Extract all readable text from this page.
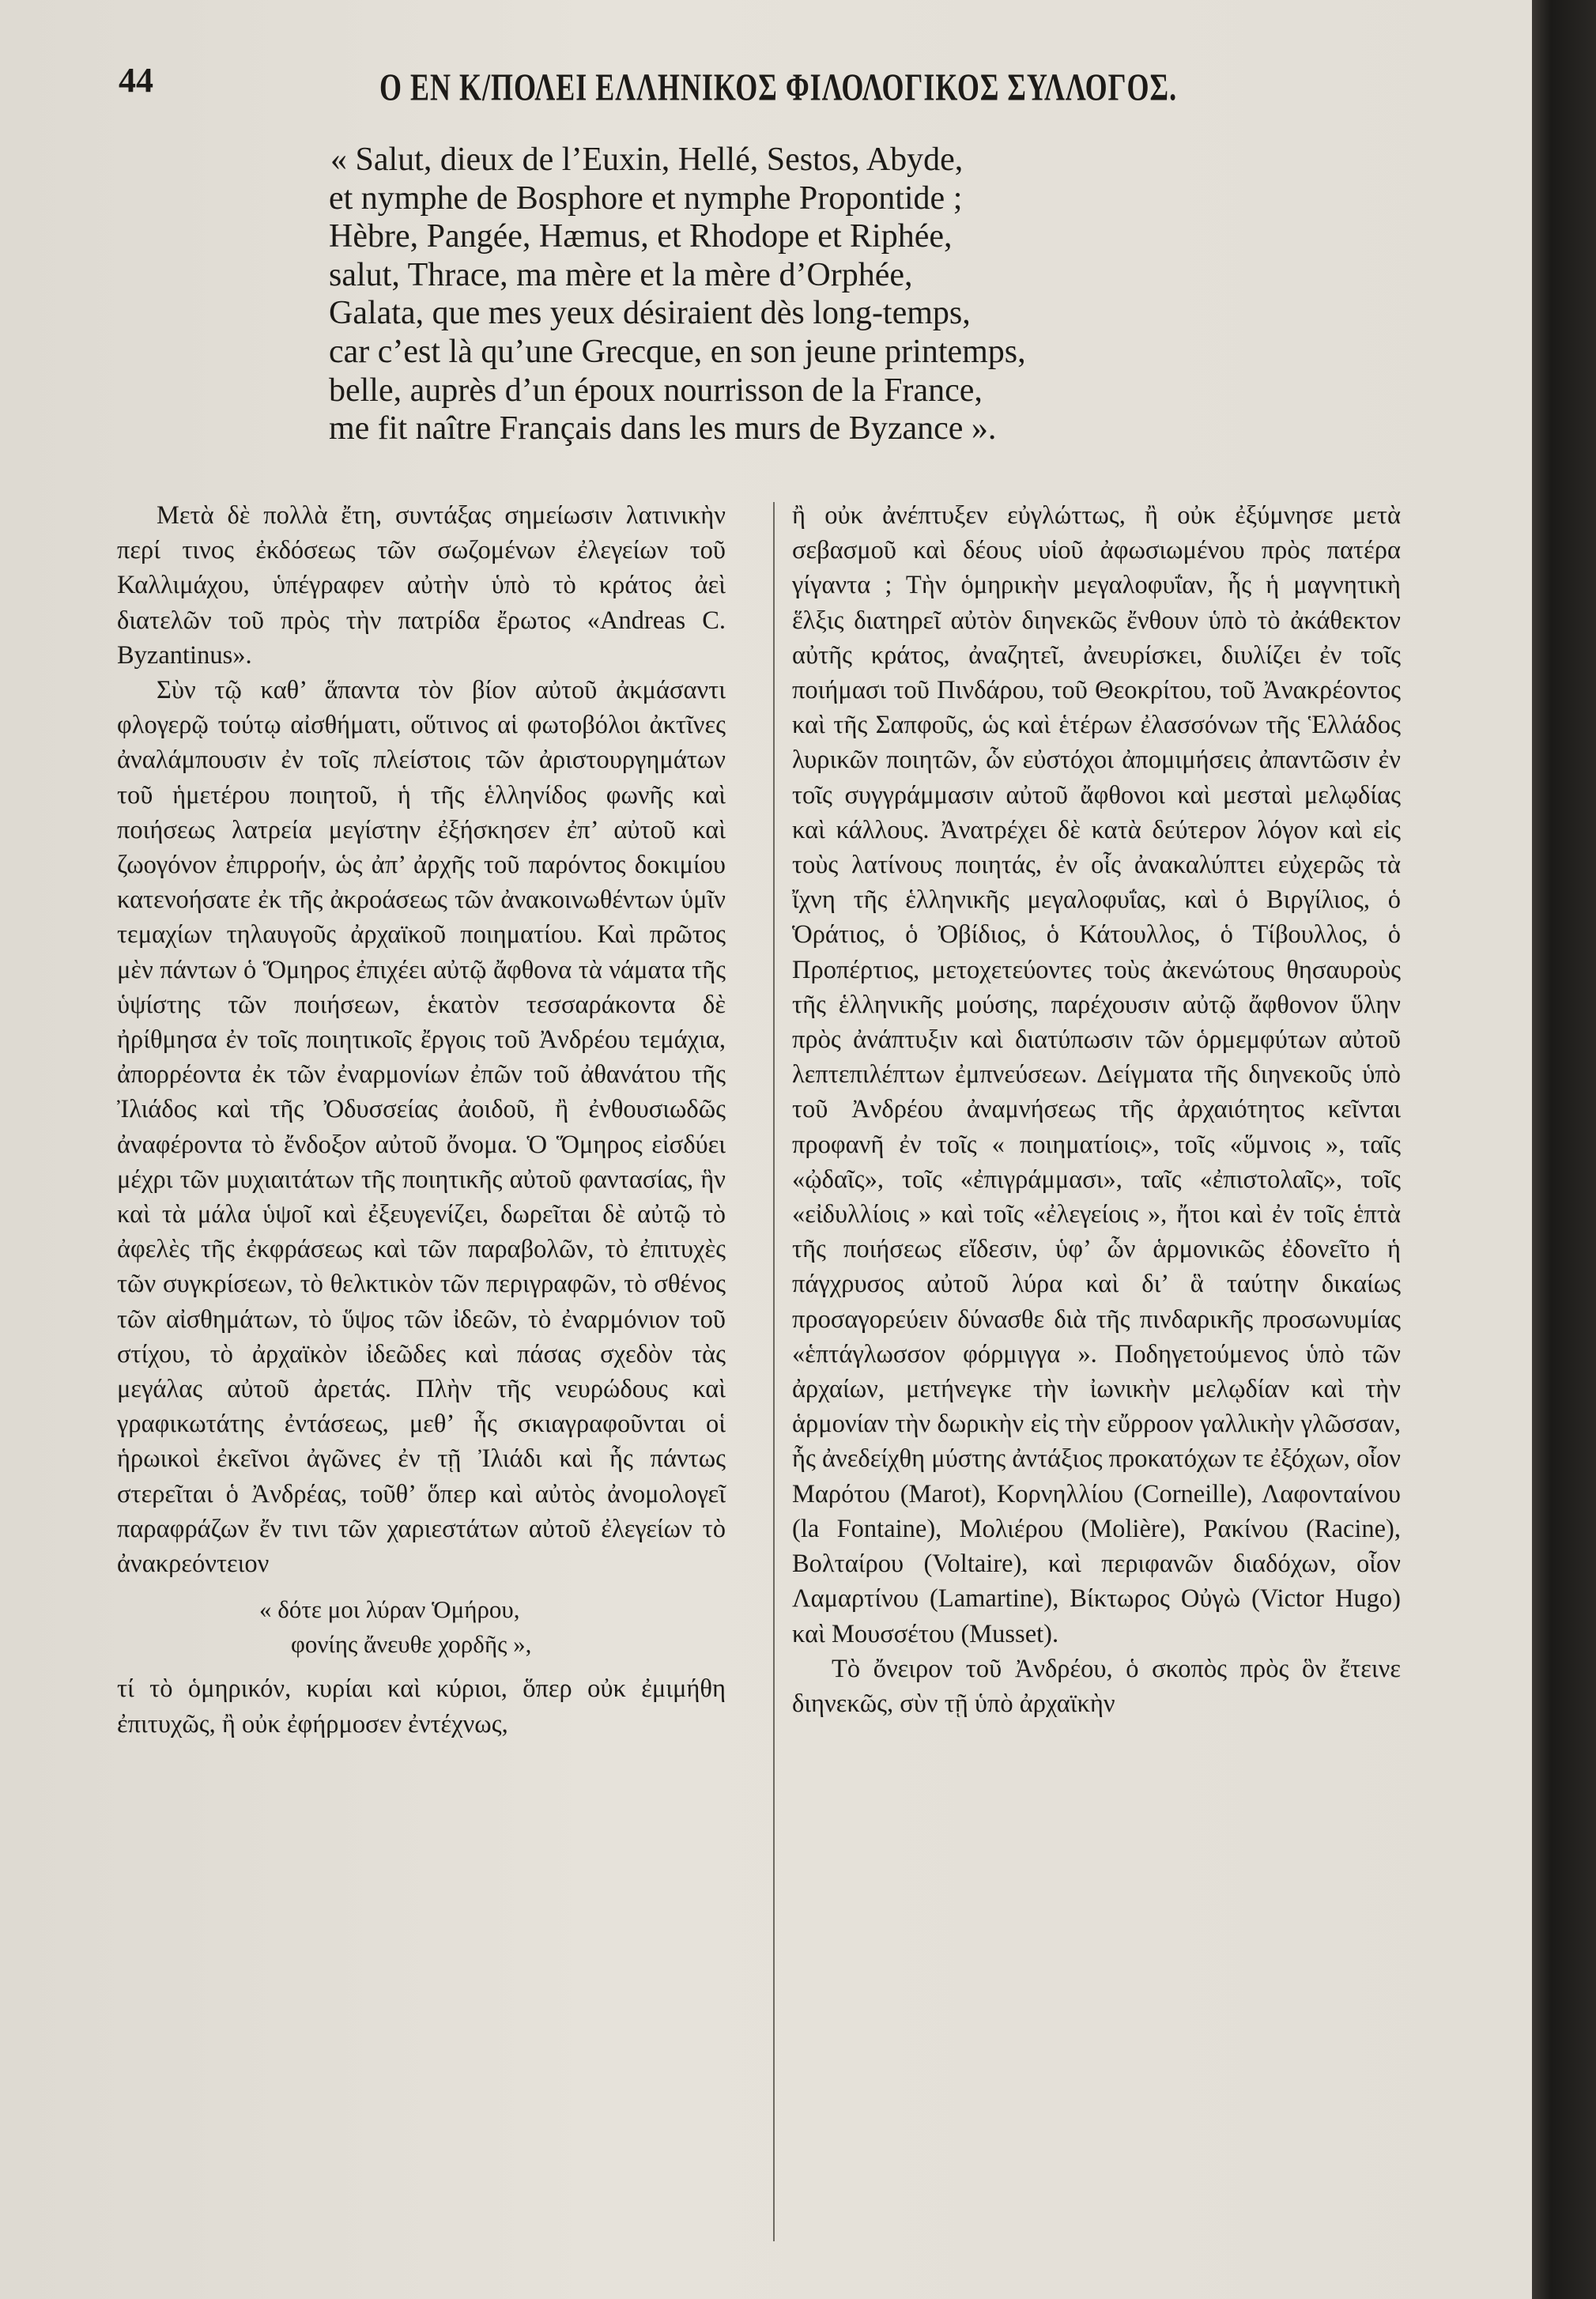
44	Ο ΕΝ Κ/ΠΟΛΕΙ ΕΛΛΗΝΙΚΟΣ ΦΙΛΟΛΟΓΙΚΟΣ ΣΥΛΛΟΓΟΣ.
« Salut, dieux de l’Euxin, Hellé, Sestos, Abyde,
et nymphe de Bosphore et nymphe Propontide ;
Hèbre, Pangée, Hæmus, et Rhodope et Riphée,
salut, Thrace, ma mère et la mère d’Orphée,
Galata, que mes yeux désiraient dès long-temps,
car c’est là qu’une Grecque, en son jeune printemps,
belle, auprès d’un époux nourrisson de la France,
me fit naître Français dans les murs de Byzance ».

Μετὰ δὲ πολλὰ ἔτη, συντάξας σημείωσιν λατινικὴν περί τινος ἐκδόσεως τῶν σωζομένων ἐλεγείων τοῦ Καλλιμάχου, ὑπέγραφεν αὐτὴν ὑπὸ τὸ κράτος ἀεὶ διατελῶν τοῦ πρὸς τὴν πατρίδα ἔρωτος «Andreas C. Byzantinus».

Σὺν τῷ καθ’ ἅπαντα τὸν βίον αὐτοῦ ἀκμάσαντι φλογερῷ τούτῳ αἰσθήματι, οὕτινος αἱ φωτοβόλοι ἀκτῖνες ἀναλάμπουσιν ἐν τοῖς πλείστοις τῶν ἀριστουργημάτων τοῦ ἡμετέρου ποιητοῦ, ἡ τῆς ἑλληνίδος φωνῆς καὶ ποιήσεως λατρεία μεγίστην ἐξήσκησεν ἐπ’ αὐτοῦ καὶ ζωογόνον ἐπιρροήν, ὡς ἀπ’ ἀρχῆς τοῦ παρόντος δοκιμίου κατενοήσατε ἐκ τῆς ἀκροάσεως τῶν ἀνακοινωθέντων ὑμῖν τεμαχίων τηλαυγοῦς ἀρχαϊκοῦ ποιηματίου. Καὶ πρῶτος μὲν πάντων ὁ Ὅμηρος ἐπιχέει αὐτῷ ἄφθονα τὰ νάματα τῆς ὑψίστης τῶν ποιήσεων, ἑκατὸν τεσσαράκοντα δὲ ἠρίθμησα ἐν τοῖς ποιητικοῖς ἔργοις τοῦ Ἀνδρέου τεμάχια, ἀπορρέοντα ἐκ τῶν ἐναρμονίων ἐπῶν τοῦ ἀθανάτου τῆς Ἰλιάδος καὶ τῆς Ὀδυσσείας ἀοιδοῦ, ἢ ἐνθουσιωδῶς ἀναφέροντα τὸ ἔνδοξον αὐτοῦ ὄνομα. Ὁ Ὅμηρος εἰσδύει μέχρι τῶν μυχιαιτάτων τῆς ποιητικῆς αὐτοῦ φαντασίας, ἣν καὶ τὰ μάλα ὑψοῖ καὶ ἐξευγενίζει, δωρεῖται δὲ αὐτῷ τὸ ἀφελὲς τῆς ἐκφράσεως καὶ τῶν παραβολῶν, τὸ ἐπιτυχὲς τῶν συγκρίσεων, τὸ θελκτικὸν τῶν περιγραφῶν, τὸ σθένος τῶν αἰσθημάτων, τὸ ὕψος τῶν ἰδεῶν, τὸ ἐναρμόνιον τοῦ στίχου, τὸ ἀρχαϊκὸν ἰδεῶδες καὶ πάσας σχεδὸν τὰς μεγάλας αὐτοῦ ἀρετάς. Πλὴν τῆς νευρώδους καὶ γραφικωτάτης ἐντάσεως, μεθ’ ἧς σκιαγραφοῦνται οἱ ἡρωικοὶ ἐκεῖνοι ἀγῶνες ἐν τῇ Ἰλιάδι καὶ ἧς πάντως στερεῖται ὁ Ἀνδρέας, τοῦθ’ ὅπερ καὶ αὐτὸς ἀνομολογεῖ παραφράζων ἔν τινι τῶν χαριεστάτων αὐτοῦ ἐλεγείων τὸ ἀνακρεόντειον

« δότε μοι λύραν Ὁμήρου,
φονίης ἄνευθε χορδῆς »,

τί τὸ ὁμηρικόν, κυρίαι καὶ κύριοι, ὅπερ οὐκ ἐμιμήθη ἐπιτυχῶς, ἢ οὐκ ἐφήρμοσεν ἐντέχνως,

ἢ οὐκ ἀνέπτυξεν εὐγλώττως, ἢ οὐκ ἐξύμνησε μετὰ σεβασμοῦ καὶ δέους υἱοῦ ἀφωσιωμένου πρὸς πατέρα γίγαντα ; Τὴν ὁμηρικὴν μεγαλοφυΐαν, ἧς ἡ μαγνητικὴ ἕλξις διατηρεῖ αὐτὸν διηνεκῶς ἔνθουν ὑπὸ τὸ ἀκάθεκτον αὐτῆς κράτος, ἀναζητεῖ, ἀνευρίσκει, διυλίζει ἐν τοῖς ποιήμασι τοῦ Πινδάρου, τοῦ Θεοκρίτου, τοῦ Ἀνακρέοντος καὶ τῆς Σαπφοῦς, ὡς καὶ ἑτέρων ἐλασσόνων τῆς Ἑλλάδος λυρικῶν ποιητῶν, ὧν εὐστόχοι ἀπομιμήσεις ἀπαντῶσιν ἐν τοῖς συγγράμμασιν αὐτοῦ ἄφθονοι καὶ μεσταὶ μελῳδίας καὶ κάλλους. Ἀνατρέχει δὲ κατὰ δεύτερον λόγον καὶ εἰς τοὺς λατίνους ποιητάς, ἐν οἷς ἀνακαλύπτει εὐχερῶς τὰ ἴχνη τῆς ἑλληνικῆς μεγαλοφυΐας, καὶ ὁ Βιργίλιος, ὁ Ὁράτιος, ὁ Ὀβίδιος, ὁ Κάτουλλος, ὁ Τίβουλλος, ὁ Προπέρτιος, μετοχετεύοντες τοὺς ἀκενώτους θησαυροὺς τῆς ἑλληνικῆς μούσης, παρέχουσιν αὐτῷ ἄφθονον ὕλην πρὸς ἀνάπτυξιν καὶ διατύπωσιν τῶν ὁρμεμφύτων αὐτοῦ λεπτεπιλέπτων ἐμπνεύσεων. Δείγματα τῆς διηνεκοῦς ὑπὸ τοῦ Ἀνδρέου ἀναμνήσεως τῆς ἀρχαιότητος κεῖνται προφανῆ ἐν τοῖς « ποιηματίοις», τοῖς «ὕμνοις », ταῖς «ᾠδαῖς», τοῖς «ἐπιγράμμασι», ταῖς «ἐπιστολαῖς», τοῖς «εἰδυλλίοις » καὶ τοῖς «ἐλεγείοις », ἤτοι καὶ ἐν τοῖς ἑπτὰ τῆς ποιήσεως εἴδεσιν, ὑφ’ ὧν ἁρμονικῶς ἐδονεῖτο ἡ πάγχρυσος αὐτοῦ λύρα καὶ δι’ ἃ ταύτην δικαίως προσαγορεύειν δύνασθε διὰ τῆς πινδαρικῆς προσωνυμίας «ἑπτάγλωσσον φόρμιγγα ». Ποδηγετούμενος ὑπὸ τῶν ἀρχαίων, μετήνεγκε τὴν ἰωνικὴν μελῳδίαν καὶ τὴν ἁρμονίαν τὴν δωρικὴν εἰς τὴν εὔρροον γαλλικὴν γλῶσσαν, ἧς ἀνεδείχθη μύστης ἀντάξιος προκατόχων τε ἐξόχων, οἷον Μαρότου (Marot), Κορνηλλίου (Corneille), Λαφονταίνου (la Fontaine), Μολιέρου (Molière), Ρακίνου (Racine), Βολταίρου (Voltaire), καὶ περιφανῶν διαδόχων, οἷον Λαμαρτίνου (Lamartine), Βίκτωρος Οὐγὼ (Victor Hugo) καὶ Μουσσέτου (Musset).

Τὸ ὄνειρον τοῦ Ἀνδρέου, ὁ σκοπὸς πρὸς ὃν ἔτεινε διηνεκῶς, σὺν τῇ ὑπὸ ἀρχαϊκὴν
